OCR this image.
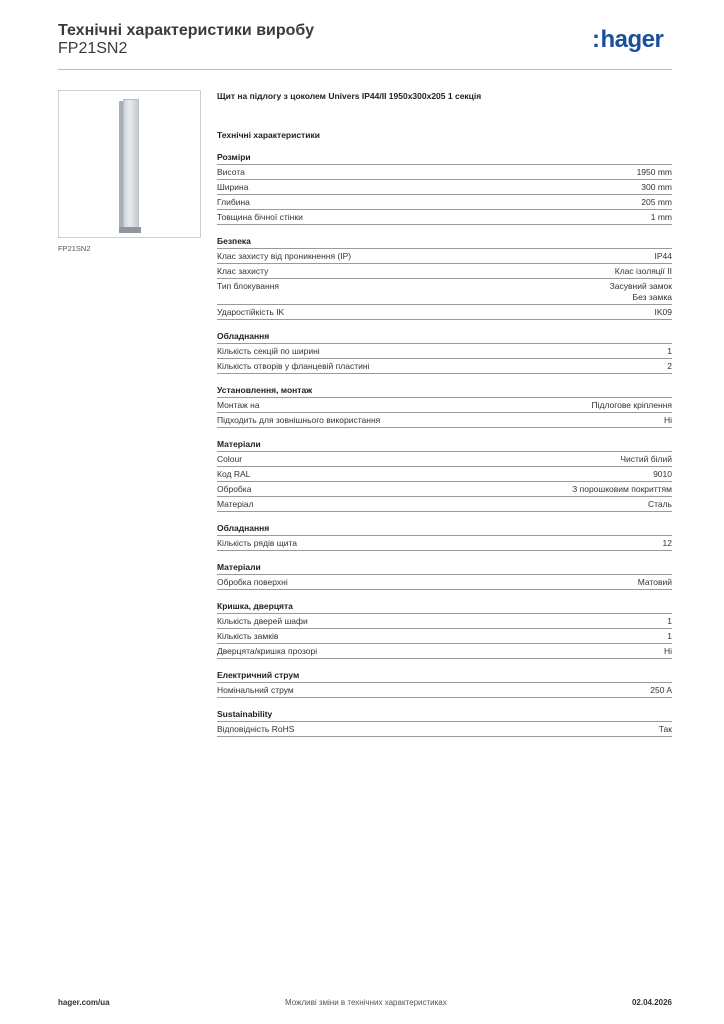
Технічні характеристики виробу
FP21SN2	:hager
FP21SN2
Щит на підлогу з цоколем Univers IP44/II 1950x300x205 1 секція
Технічні характеристики
Розміри
Висота	1950 mm
Ширина	300 mm
Глибина	205 mm
Товщина бічної стінки	1 mm
Безпека
Клас захисту від проникнення (IP)	IP44
Клас захисту	Клас ізоляції II
Тип блокування	Засувний замок
Без замка
Ударостійкість IK	IK09
Обладнання
Кількість секцій по ширині	1
Кількість отворів у фланцевій пластині	2
Установлення, монтаж
Монтаж на	Підлогове кріплення
Підходить для зовнішнього використання	Ні
Матеріали
Colour	Чистий білий
Код RAL	9010
Обробка	З порошковим покриттям
Матеріал	Сталь
Обладнання
Кількість рядів щита	12
Матеріали
Обробка поверхні	Матовий
Кришка, дверцята
Кількість дверей шафи	1
Кількість замків	1
Дверцята/кришка прозорі	Ні
Електричний струм
Номінальний струм	250 A
Sustainability
Відповідність RoHS	Так
hager.com/ua	Можливі зміни в технічних характеристиках	02.04.2026
